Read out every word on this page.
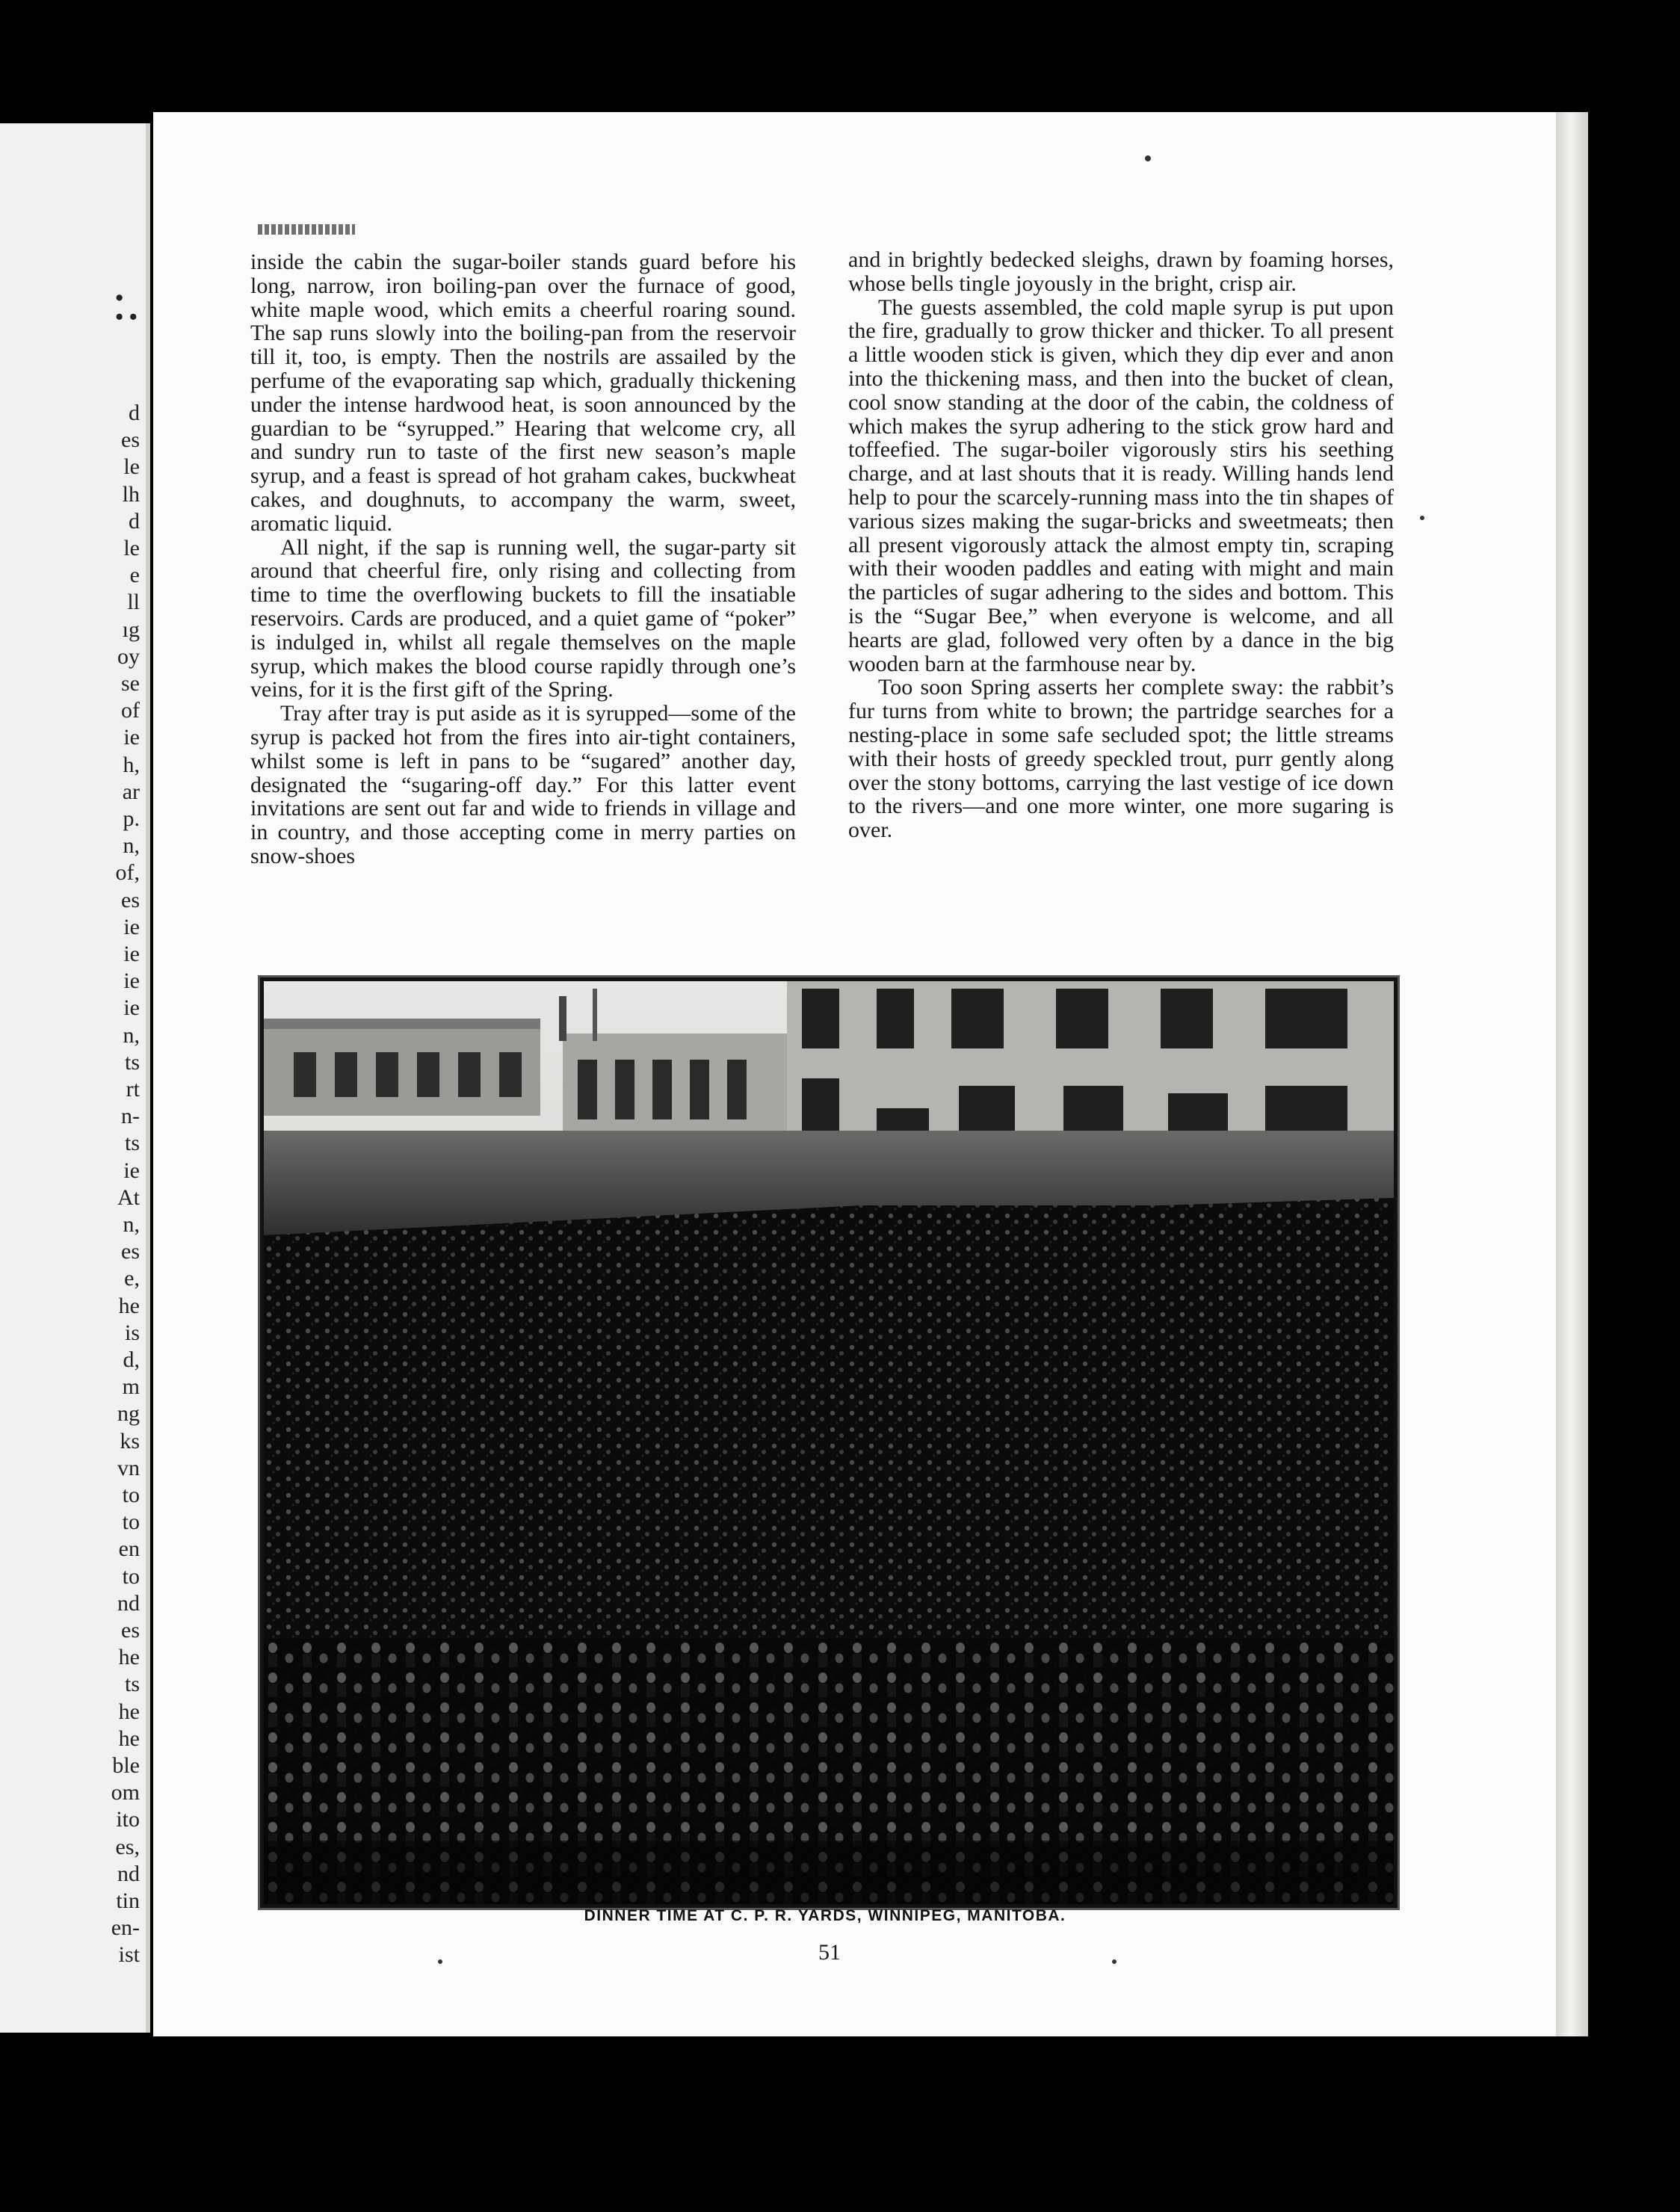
:.
d
es
le
lh
d
le
e
ll
ıg
oy
se
of
ie
h,
ar
p.
n,
of,
es
ie
ie
ie
ie
n,
ts
rt
n-
ts
ie
At
n,
es
e,
he
is
d,
m
ng
ks
vn
to
to
en
to
nd
es
he
ts
he
he
ble
om
ito
es,
nd
tin
en-
ist

inside the cabin the sugar-boiler stands guard before his long, narrow, iron boiling-pan over the furnace of good, white maple wood, which emits a cheerful roaring sound. The sap runs slowly into the boiling-pan from the reservoir till it, too, is empty. Then the nostrils are assailed by the perfume of the evaporating sap which, gradually thickening under the intense hardwood heat, is soon announced by the guardian to be “syrupped.” Hearing that welcome cry, all and sundry run to taste of the first new season’s maple syrup, and a feast is spread of hot graham cakes, buckwheat cakes, and doughnuts, to accompany the warm, sweet, aromatic liquid.

All night, if the sap is running well, the sugar-party sit around that cheerful fire, only rising and collecting from time to time the overflowing buckets to fill the insatiable reservoirs. Cards are produced, and a quiet game of “poker” is indulged in, whilst all regale themselves on the maple syrup, which makes the blood course rapidly through one’s veins, for it is the first gift of the Spring.

Tray after tray is put aside as it is syrupped—some of the syrup is packed hot from the fires into air-tight containers, whilst some is left in pans to be “sugared” another day, designated the “sugaring-off day.” For this latter event invitations are sent out far and wide to friends in village and in country, and those accepting come in merry parties on snow-shoes

and in brightly bedecked sleighs, drawn by foaming horses, whose bells tingle joyously in the bright, crisp air.

The guests assembled, the cold maple syrup is put upon the fire, gradually to grow thicker and thicker. To all present a little wooden stick is given, which they dip ever and anon into the thickening mass, and then into the bucket of clean, cool snow standing at the door of the cabin, the coldness of which makes the syrup adhering to the stick grow hard and toffeefied. The sugar-boiler vigorously stirs his seething charge, and at last shouts that it is ready. Willing hands lend help to pour the scarcely-running mass into the tin shapes of various sizes making the sugar-bricks and sweetmeats; then all present vigorously attack the almost empty tin, scraping with their wooden paddles and eating with might and main the particles of sugar adhering to the sides and bottom. This is the “Sugar Bee,” when everyone is welcome, and all hearts are glad, followed very often by a dance in the big wooden barn at the farmhouse near by.

Too soon Spring asserts her complete sway: the rabbit’s fur turns from white to brown; the partridge searches for a nesting-place in some safe secluded spot; the little streams with their hosts of greedy speckled trout, purr gently along over the stony bottoms, carrying the last vestige of ice down to the rivers—and one more winter, one more sugaring is over.

DINNER TIME AT C. P. R. YARDS, WINNIPEG, MANITOBA.
51
